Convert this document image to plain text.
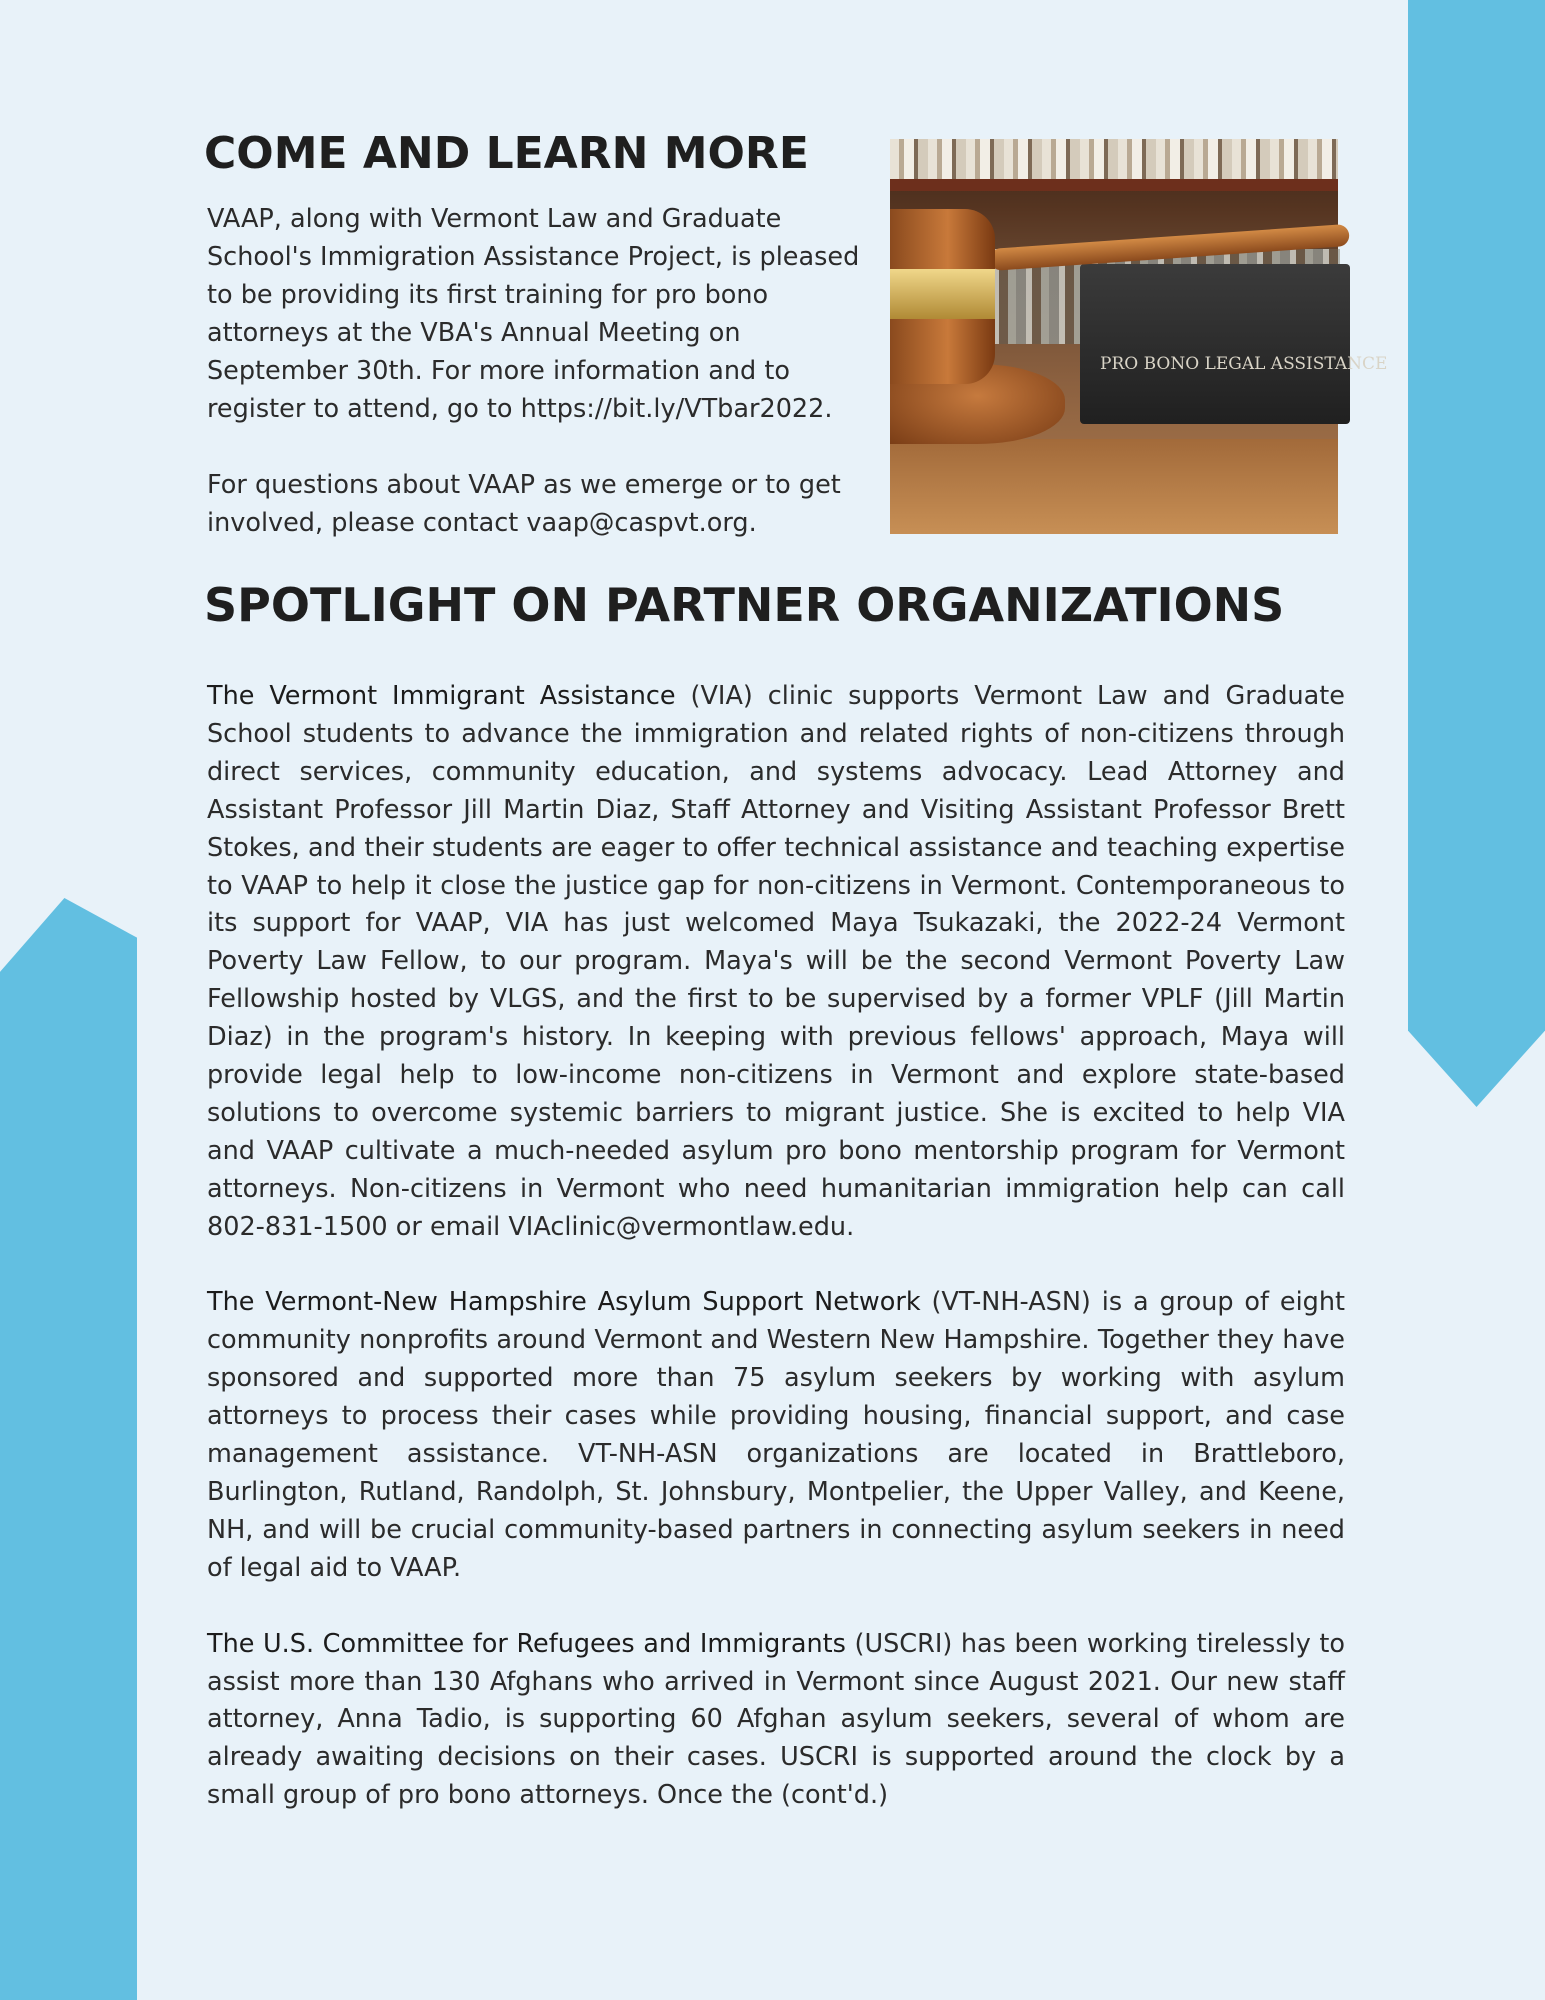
COME AND LEARN MORE

VAAP, along with Vermont Law and Graduate School's Immigration Assistance Project, is pleased to be providing its first training for pro bono attorneys at the VBA's Annual Meeting on September 30th. For more information and to register to attend, go to https://bit.ly/VTbar2022.

For questions about VAAP as we emerge or to get involved, please contact vaap@caspvt.org.

PRO BONO LEGAL ASSISTANCE
SPOTLIGHT ON PARTNER ORGANIZATIONS

The Vermont Immigrant Assistance (VIA) clinic supports Vermont Law and Graduate School students to advance the immigration and related rights of non-citizens through direct services, community education, and systems advocacy. Lead Attorney and Assistant Professor Jill Martin Diaz, Staff Attorney and Visiting Assistant Professor Brett Stokes, and their students are eager to offer technical assistance and teaching expertise to VAAP to help it close the justice gap for non-citizens in Vermont. Contemporaneous to its support for VAAP, VIA has just welcomed Maya Tsukazaki, the 2022-24 Vermont Poverty Law Fellow, to our program. Maya's will be the second Vermont Poverty Law Fellowship hosted by VLGS, and the first to be supervised by a former VPLF (Jill Martin Diaz) in the program's history. In keeping with previous fellows' approach, Maya will provide legal help to low-income non-citizens in Vermont and explore state-based solutions to overcome systemic barriers to migrant justice. She is excited to help VIA and VAAP cultivate a much-needed asylum pro bono mentorship program for Vermont attorneys. Non-citizens in Vermont who need humanitarian immigration help can call 802-831-1500 or email VIAclinic@vermontlaw.edu.

The Vermont-New Hampshire Asylum Support Network (VT-NH-ASN) is a group of eight community nonprofits around Vermont and Western New Hampshire. Together they have sponsored and supported more than 75 asylum seekers by working with asylum attorneys to process their cases while providing housing, financial support, and case management assistance. VT-NH-ASN organizations are located in Brattleboro, Burlington, Rutland, Randolph, St. Johnsbury, Montpelier, the Upper Valley, and Keene, NH, and will be crucial community-based partners in connecting asylum seekers in need of legal aid to VAAP.

The U.S. Committee for Refugees and Immigrants (USCRI) has been working tirelessly to assist more than 130 Afghans who arrived in Vermont since August 2021. Our new staff attorney, Anna Tadio, is supporting 60 Afghan asylum seekers, several of whom are already awaiting decisions on their cases. USCRI is supported around the clock by a small group of pro bono attorneys. Once the (cont'd.)
